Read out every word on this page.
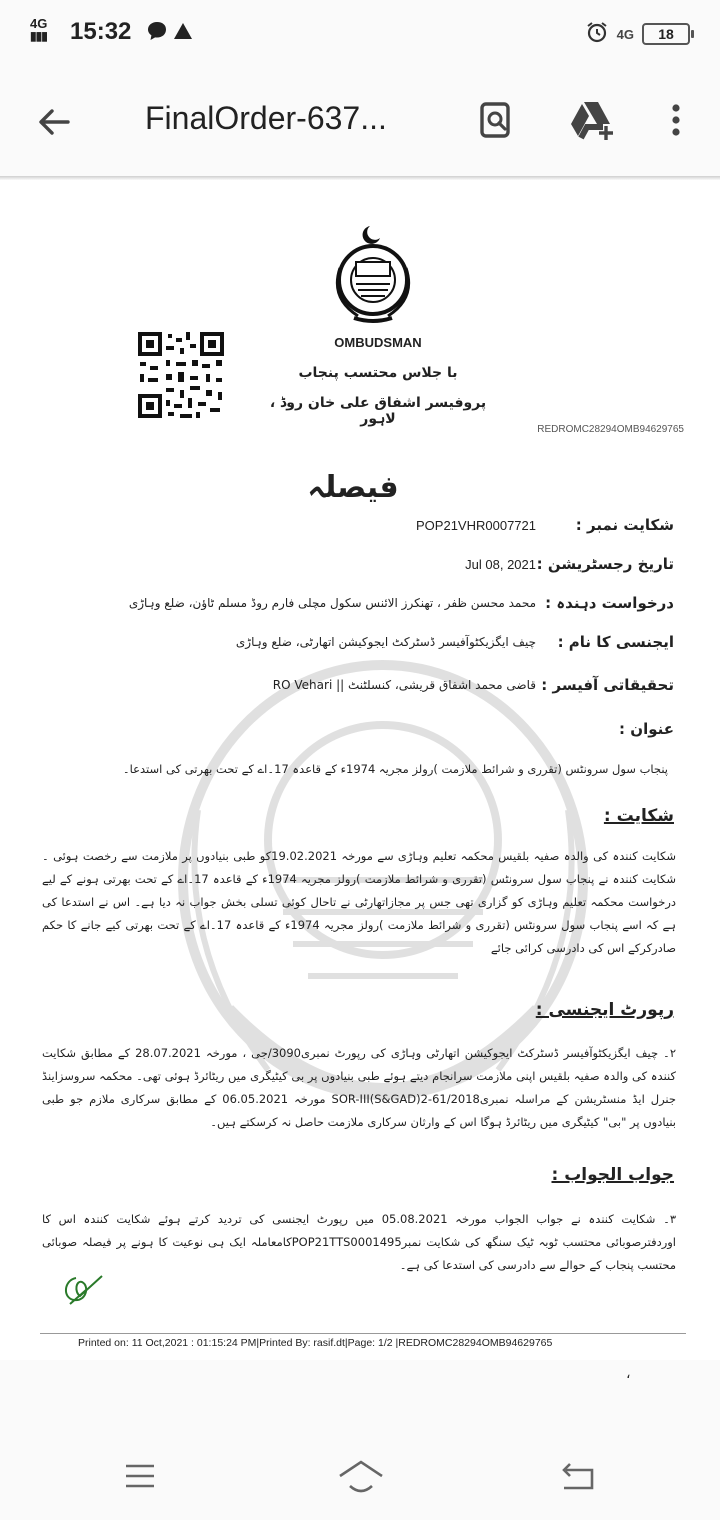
4G
▮▮▮ 15:32	4G	18
FinalOrder-637...
OMBUDSMAN
با جلاس محتسب پنجاب
پروفیسر اشفاق علی خان روڈ ، لاہور
REDROMC28294OMB94629765
فیصلہ
شکایت نمبر :
POP21VHR0007721
تاریخ رجسٹریشن :
Jul 08, 2021
درخواست دہندہ :
محمد محسن ظفر ، تھنکرز الائنس سکول مچلی فارم روڈ مسلم ٹاؤن، ضلع وہاڑی
ایجنسی کا نام :
چیف ایگزیکٹوآفیسر ڈسٹرکٹ ایجوکیشن اتھارٹی، ضلع وہاڑی
تحقیقاتی آفیسر :
قاضی محمد اشفاق قریشی، کنسلٹنٹ || RO Vehari
عنوان :
پنجاب سول سرونٹس (تقرری و شرائط ملازمت )رولز مجریہ 1974ء کے قاعدہ 17۔اے کے تحت بھرتی کی استدعا۔
شکایت :
شکایت کنندہ کی والدہ صفیہ بلقیس محکمہ تعلیم وہاڑی سے مورخہ 19.02.2021کو طبی بنیادوں پر ملازمت سے رخصت ہوئی ۔شکایت کنندہ نے پنجاب سول سرونٹس (تقرری و شرائط ملازمت )رولز مجریہ 1974ء کے قاعدہ 17۔اے کے تحت بھرتی ہونے کے لیے درخواست محکمہ تعلیم وہاڑی کو گزاری تھی جس پر مجازاتھارٹی نے تاحال کوئی تسلی بخش جواب نہ دیا ہے۔ اس نے استدعا کی ہے کہ اسے پنجاب سول سرونٹس (تقرری و شرائط ملازمت )رولز مجریہ 1974ء کے قاعدہ 17۔اے کے تحت بھرتی کیے جانے کا حکم صادرکرکے اس کی دادرسی کرائی جائے
رپورٹ ایجنسی :
۲۔ چیف ایگزیکٹوآفیسر ڈسٹرکٹ ایجوکیشن اتھارٹی وہاڑی کی رپورٹ نمبری3090/جی ، مورخہ 28.07.2021 کے مطابق شکایت کنندہ کی والدہ صفیہ بلقیس اپنی ملازمت سرانجام دیتے ہوئے طبی بنیادوں پر بی کیٹیگری میں ریٹائرڈ ہوئی تھی۔ محکمہ سروسزاینڈ جنرل ایڈ منسٹریشن کے مراسلہ نمبریSOR-III(S&GAD)2-61/2018 مورخہ 06.05.2021 کے مطابق سرکاری ملازم جو طبی بنیادوں پر "بی" کیٹیگری میں ریٹائرڈ ہوگا اس کے وارثان سرکاری ملازمت حاصل نہ کرسکتے ہیں۔
جواب الجواب :
۳۔ شکایت کنندہ نے جواب الجواب مورخہ 05.08.2021 میں رپورٹ ایجنسی کی تردید کرتے ہوئے شکایت کنندہ اس کا اوردفترصوبائی محتسب ٹوبہ ٹیک سنگھ کی شکایت نمبرPOP21TTS0001495کامعاملہ ایک ہی نوعیت کا ہونے پر فیصلہ صوبائی محتسب پنجاب کے حوالے سے دادرسی کی استدعا کی ہے۔
Printed on: 11 Oct,2021 : 01:15:24 PM|Printed By: rasif.dt|Page: 1/2 |REDROMC28294OMB94629765
،
